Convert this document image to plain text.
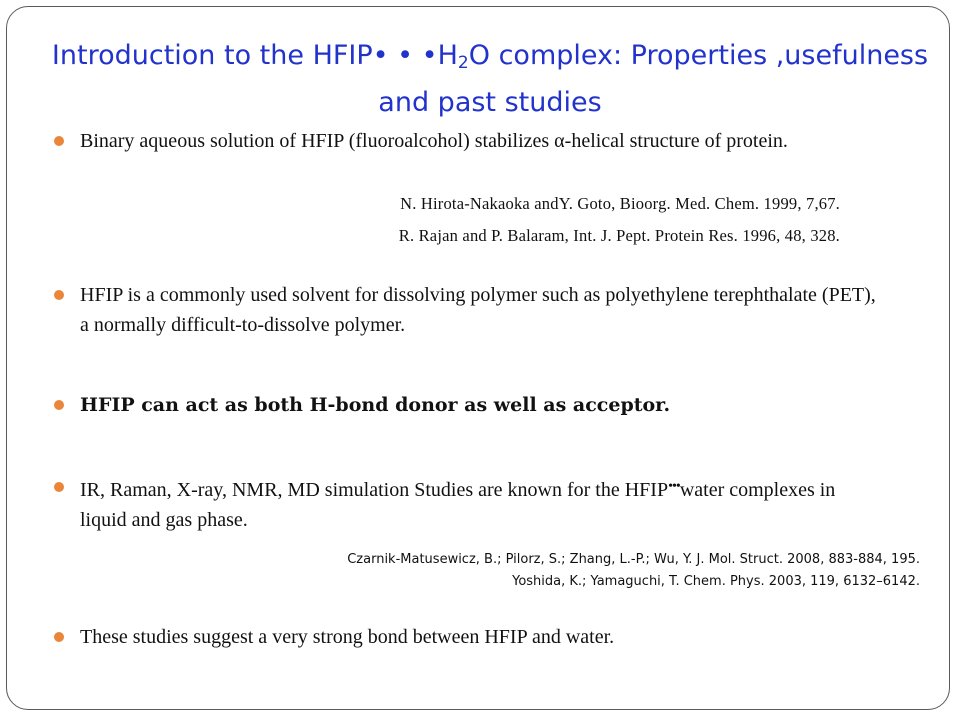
Introduction to the HFIP• • $•H_2O$ complex: Properties ,usefulness
and past studies
Binary aqueous solution of HFIP (fluoroalcohol) stabilizes α-helical structure of protein.
N. Hirota-Nakaoka andY. Goto, Bioorg. Med. Chem. 1999, 7,67.
R. Rajan and P. Balaram, Int. J. Pept. Protein Res. 1996, 48, 328.
HFIP is a commonly used solvent for dissolving polymer such as polyethylene terephthalate (PET), a normally difficult-to-dissolve polymer.
HFIP can act as both H-bond donor as well as acceptor.
IR, Raman, X-ray, NMR, MD simulation Studies are known for the HFIP•••water complexes in liquid and gas phase.
Czarnik-Matusewicz, B.; Pilorz, S.; Zhang, L.-P.; Wu, Y. J. Mol. Struct. 2008, 883-884, 195.
Yoshida, K.; Yamaguchi, T. Chem. Phys. 2003, 119, 6132–6142.
These studies suggest a very strong bond between HFIP and water.
